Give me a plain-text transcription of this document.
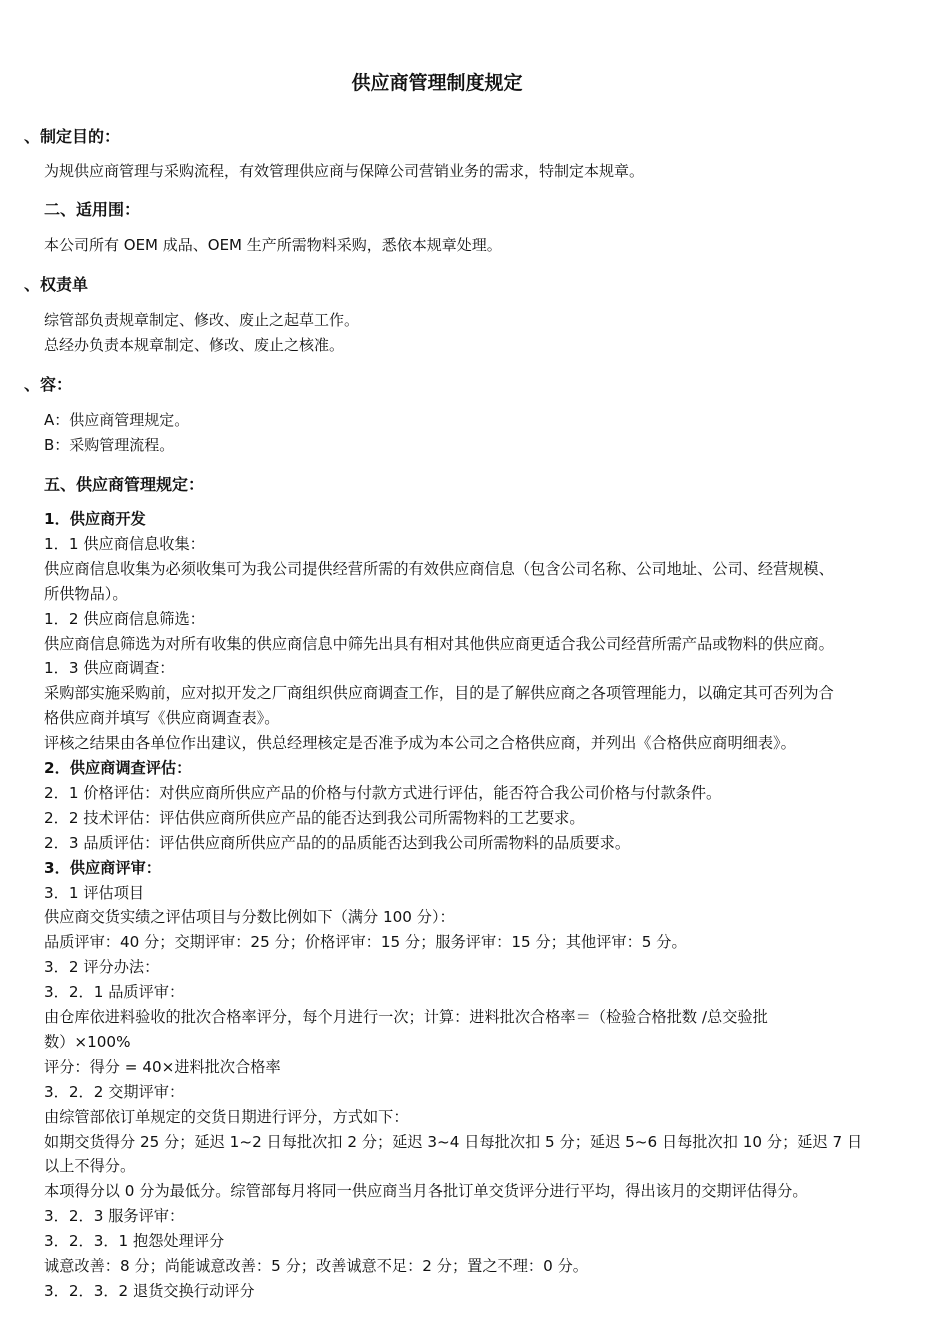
供应商管理制度规定
、制定目的：
为规供应商管理与采购流程，有效管理供应商与保障公司营销业务的需求，特制定本规章。
二、适用围：
本公司所有 OEM 成品、OEM 生产所需物料采购，悉依本规章处理。
、权责单
综管部负责规章制定、修改、废止之起草工作。
总经办负责本规章制定、修改、废止之核准。
、容：
A：供应商管理规定。
B：采购管理流程。
五、供应商管理规定：
1．供应商开发
1．1 供应商信息收集：
供应商信息收集为必须收集可为我公司提供经营所需的有效供应商信息（包含公司名称、公司地址、公司、经营规模、
所供物品）。
1．2 供应商信息筛选：
供应商信息筛选为对所有收集的供应商信息中筛先出具有相对其他供应商更适合我公司经营所需产品或物料的供应商。
1．3 供应商调查：
采购部实施采购前，应对拟开发之厂商组织供应商调查工作，目的是了解供应商之各项管理能力，以确定其可否列为合
格供应商并填写《供应商调查表》。
评核之结果由各单位作出建议，供总经理核定是否准予成为本公司之合格供应商，并列出《合格供应商明细表》。
2．供应商调查评估：
2．1 价格评估：对供应商所供应产品的价格与付款方式进行评估，能否符合我公司价格与付款条件。
2．2 技术评估：评估供应商所供应产品的能否达到我公司所需物料的工艺要求。
2．3 品质评估：评估供应商所供应产品的的品质能否达到我公司所需物料的品质要求。
3．供应商评审：
3．1 评估项目
供应商交货实绩之评估项目与分数比例如下（满分 100 分）：
品质评审：40 分；交期评审：25 分；价格评审：15 分；服务评审：15 分；其他评审：5 分。
3．2 评分办法：
3．2．1 品质评审：
由仓库依进料验收的批次合格率评分，每个月进行一次；计算：进料批次合格率＝（检验合格批数 /总交验批
数）×100%
评分：得分 = 40×进料批次合格率
3．2．2 交期评审：
由综管部依订单规定的交货日期进行评分，方式如下：
如期交货得分 25 分；延迟 1~2 日每批次扣 2 分；延迟 3~4 日每批次扣 5 分；延迟 5~6 日每批次扣 10 分；延迟 7 日
以上不得分。
本项得分以 0 分为最低分。综管部每月将同一供应商当月各批订单交货评分进行平均，得出该月的交期评估得分。
3．2．3 服务评审：
3．2．3．1 抱怨处理评分
诚意改善：8 分；尚能诚意改善：5 分；改善诚意不足：2 分；置之不理：0 分。
3．2．3．2 退货交换行动评分
